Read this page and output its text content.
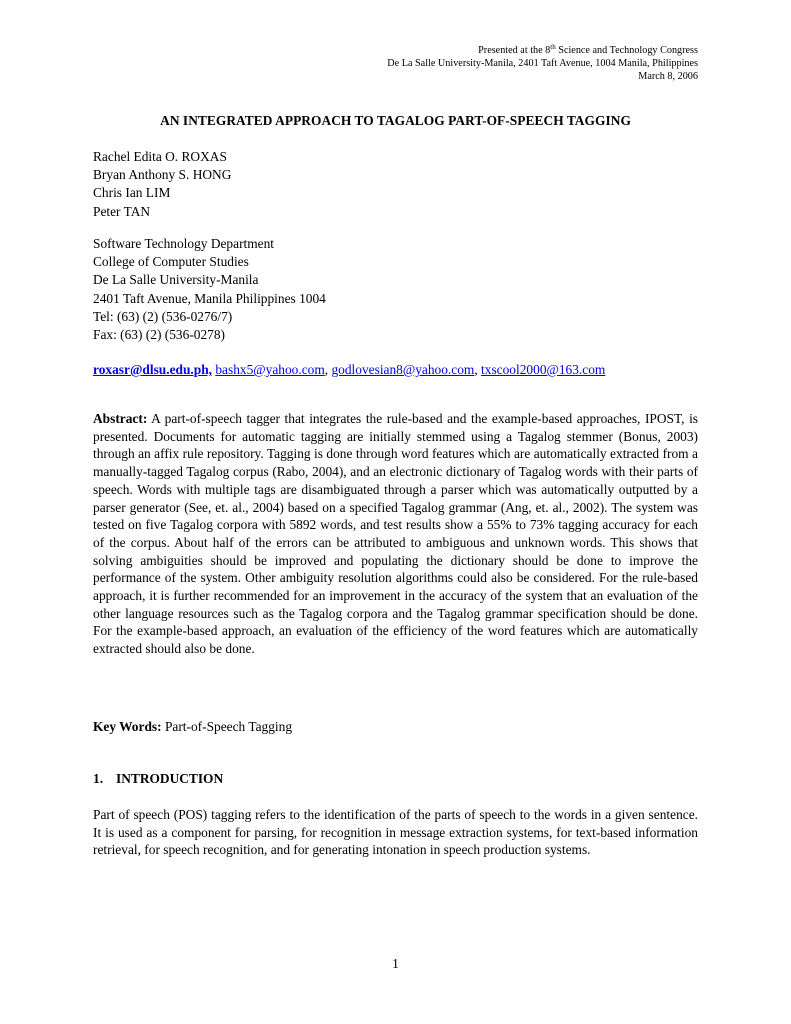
Presented at the 8th Science and Technology Congress
De La Salle University-Manila, 2401 Taft Avenue, 1004 Manila, Philippines
March 8, 2006
AN INTEGRATED APPROACH TO TAGALOG PART-OF-SPEECH TAGGING
Rachel Edita O. ROXAS
Bryan Anthony S. HONG
Chris Ian LIM
Peter TAN
Software Technology Department
College of Computer Studies
De La Salle University-Manila
2401 Taft Avenue, Manila Philippines 1004
Tel: (63) (2) (536-0276/7)
Fax: (63) (2) (536-0278)
roxasr@dlsu.edu.ph, bashx5@yahoo.com, godlovesian8@yahoo.com, txscool2000@163.com
Abstract: A part-of-speech tagger that integrates the rule-based and the example-based approaches, IPOST, is presented. Documents for automatic tagging are initially stemmed using a Tagalog stemmer (Bonus, 2003) through an affix rule repository. Tagging is done through word features which are automatically extracted from a manually-tagged Tagalog corpus (Rabo, 2004), and an electronic dictionary of Tagalog words with their parts of speech. Words with multiple tags are disambiguated through a parser which was automatically outputted by a parser generator (See, et. al., 2004) based on a specified Tagalog grammar (Ang, et. al., 2002). The system was tested on five Tagalog corpora with 5892 words, and test results show a 55% to 73% tagging accuracy for each of the corpus. About half of the errors can be attributed to ambiguous and unknown words. This shows that solving ambiguities should be improved and populating the dictionary should be done to improve the performance of the system. Other ambiguity resolution algorithms could also be considered. For the rule-based approach, it is further recommended for an improvement in the accuracy of the system that an evaluation of the other language resources such as the Tagalog corpora and the Tagalog grammar specification should be done. For the example-based approach, an evaluation of the efficiency of the word features which are automatically extracted should also be done.
Key Words: Part-of-Speech Tagging
1. INTRODUCTION
Part of speech (POS) tagging refers to the identification of the parts of speech to the words in a given sentence. It is used as a component for parsing, for recognition in message extraction systems, for text-based information retrieval, for speech recognition, and for generating intonation in speech production systems.
1
